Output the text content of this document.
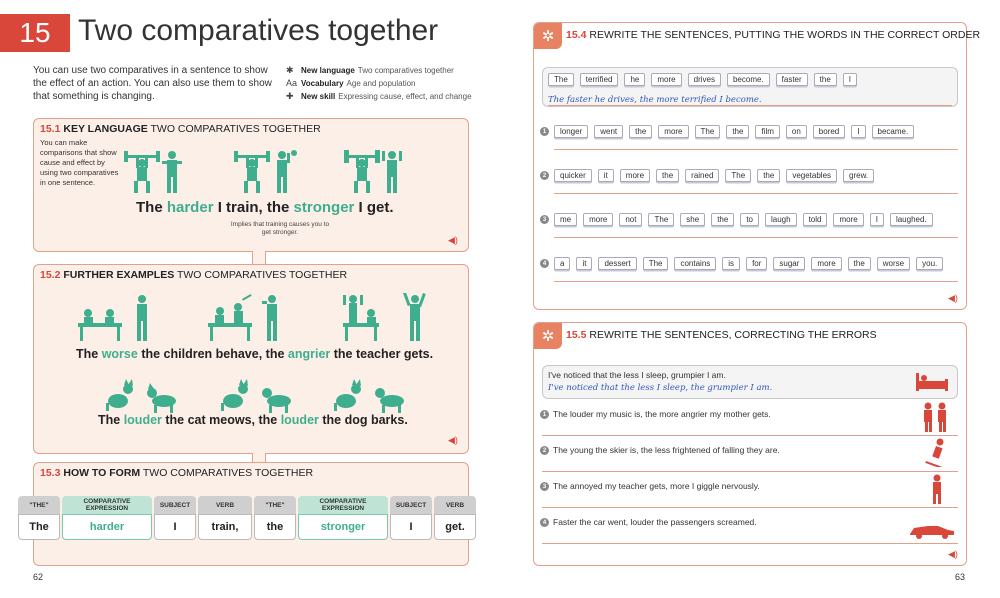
15 Two comparatives together
You can use two comparatives in a sentence to show the effect of an action. You can also use them to show that something is changing.
✱ New language Two comparatives together
Aa Vocabulary Age and population
✚ New skill Expressing cause, effect, and change
15.1 KEY LANGUAGE TWO COMPARATIVES TOGETHER
You can make comparisons that show cause and effect by using two comparatives in one sentence.
The harder I train, the stronger I get.
Implies that training causes you to get stronger.
◀)
15.2 FURTHER EXAMPLES TWO COMPARATIVES TOGETHER
The worse the children behave, the angrier the teacher gets.
The louder the cat meows, the louder the dog barks.
◀)
15.3 HOW TO FORM TWO COMPARATIVES TOGETHER
"THE"
The
COMPARATIVE EXPRESSION
harder
SUBJECT
I
VERB
train,
"THE"
the
COMPARATIVE EXPRESSION
stronger
SUBJECT
I
VERB
get.
62
✲	15.4 REWRITE THE SENTENCES, PUTTING THE WORDS IN THE CORRECT ORDER
The	terrified	he	more	drives	become.	faster	the	I
The faster he drives, the more terrified I become.
1	longer	went	the	more	The	the	film	on	bored	I	became.
2	quicker	it	more	the	rained	The	the	vegetables	grew.
3	me	more	not	The	she	the	to	laugh	told	more	I	laughed.
4	a	it	dessert	The	contains	is	for	sugar	more	the	worse	you.
◀)
✲	15.5 REWRITE THE SENTENCES, CORRECTING THE ERRORS
I've noticed that the less I sleep, grumpier I am.
I've noticed that the less I sleep, the grumpier I am.
1 The louder my music is, the more angrier my mother gets.
2 The young the skier is, the less frightened of falling they are.
3 The annoyed my teacher gets, more I giggle nervously.
4 Faster the car went, louder the passengers screamed.
◀)
63
